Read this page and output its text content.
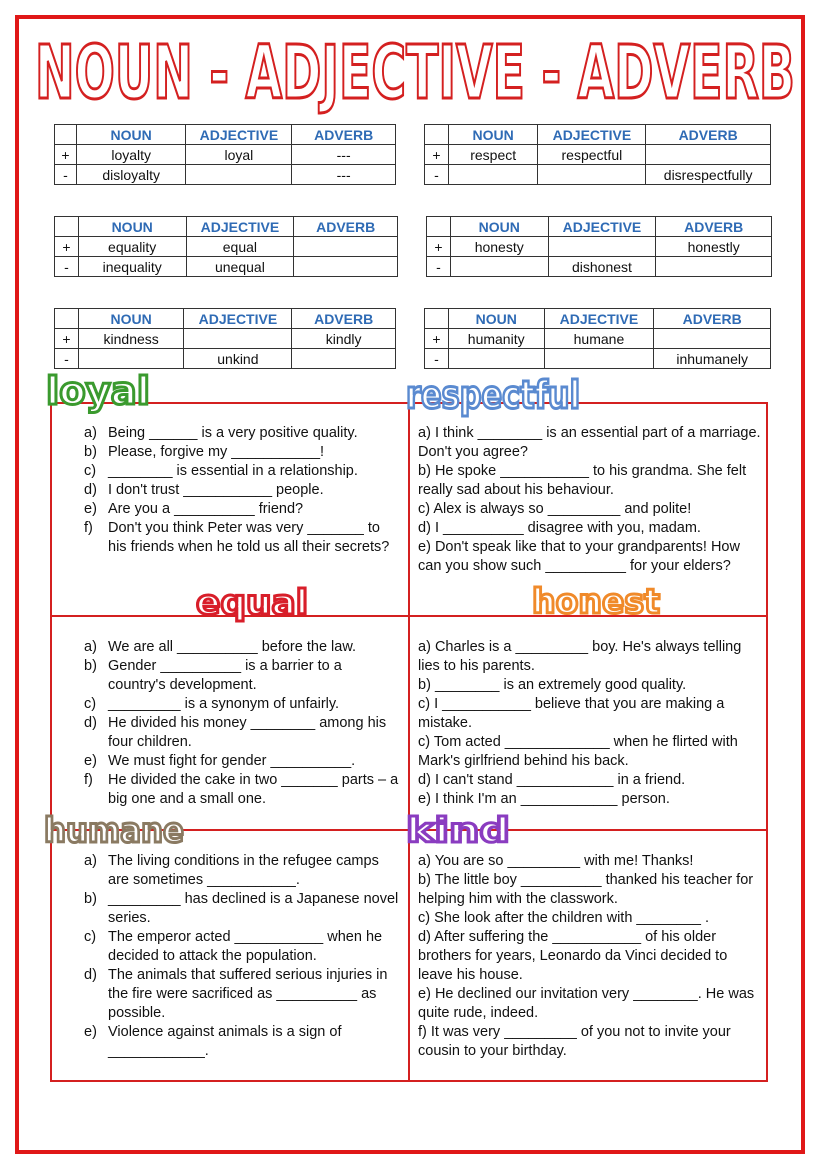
NOUN - ADJECTIVE - ADVERB
	NOUN	ADJECTIVE	ADVERB
+	loyalty	loyal	---
-	disloyalty		---
	NOUN	ADJECTIVE	ADVERB
+	respect	respectful	
-			disrespectfully
	NOUN	ADJECTIVE	ADVERB
+	equality	equal	
-	inequality	unequal	
	NOUN	ADJECTIVE	ADVERB
+	honesty		honestly
-		dishonest	
	NOUN	ADJECTIVE	ADVERB
+	kindness		kindly
-		unkind	
	NOUN	ADJECTIVE	ADVERB
+	humanity	humane	
-			inhumanely
loyal	respectful
equal	honest
humane	kind
a) Being ______ is a very positive quality.
b) Please, forgive my ___________!
c) ________ is essential in a relationship.
d) I don't trust ___________ people.
e) Are you a __________ friend?
f)	Don't you think Peter was very _______ to his friends when he told us all their secrets?
a) I think ________ is an essential part of a marriage. Don't you agree?
b) He spoke ___________ to his grandma. She felt really sad about his behaviour.
c) Alex is always so _________ and polite!
d) I __________ disagree with you, madam.
e) Don't speak like that to your grandparents! How can you show such __________ for your elders?
a) We are all __________ before the law.
b) Gender __________ is a barrier to a country's development.
c) _________ is a synonym of unfairly.
d) He divided his money ________ among his four children.
e) We must fight for gender __________.
f)	He divided the cake in two _______ parts – a big one and a small one.
a) Charles is a _________ boy. He's always telling lies to his parents.
b) ________ is an extremely good quality.
c) I ___________ believe that you are making a mistake.
c) Tom acted _____________ when he flirted with Mark's girlfriend behind his back.
d) I can't stand ____________ in a friend.
e) I think I'm an ____________ person.
a) The living conditions in the refugee camps are sometimes ___________.
b) _________ has declined is a Japanese novel series.
c) The emperor acted ___________ when he decided to attack the population.
d) The animals that suffered serious injuries in the fire were sacrificed as __________ as possible.
e) Violence against animals is a sign of ____________.
a) You are so _________ with me! Thanks!
b) The little boy __________ thanked his teacher for helping him with the classwork.
c) She look after the children with ________ .
d) After suffering the ___________ of his older brothers for years, Leonardo da Vinci decided to leave his house.
e) He declined our invitation very ________. He was quite rude, indeed.
f) It was very _________ of you not to invite your cousin to your birthday.
